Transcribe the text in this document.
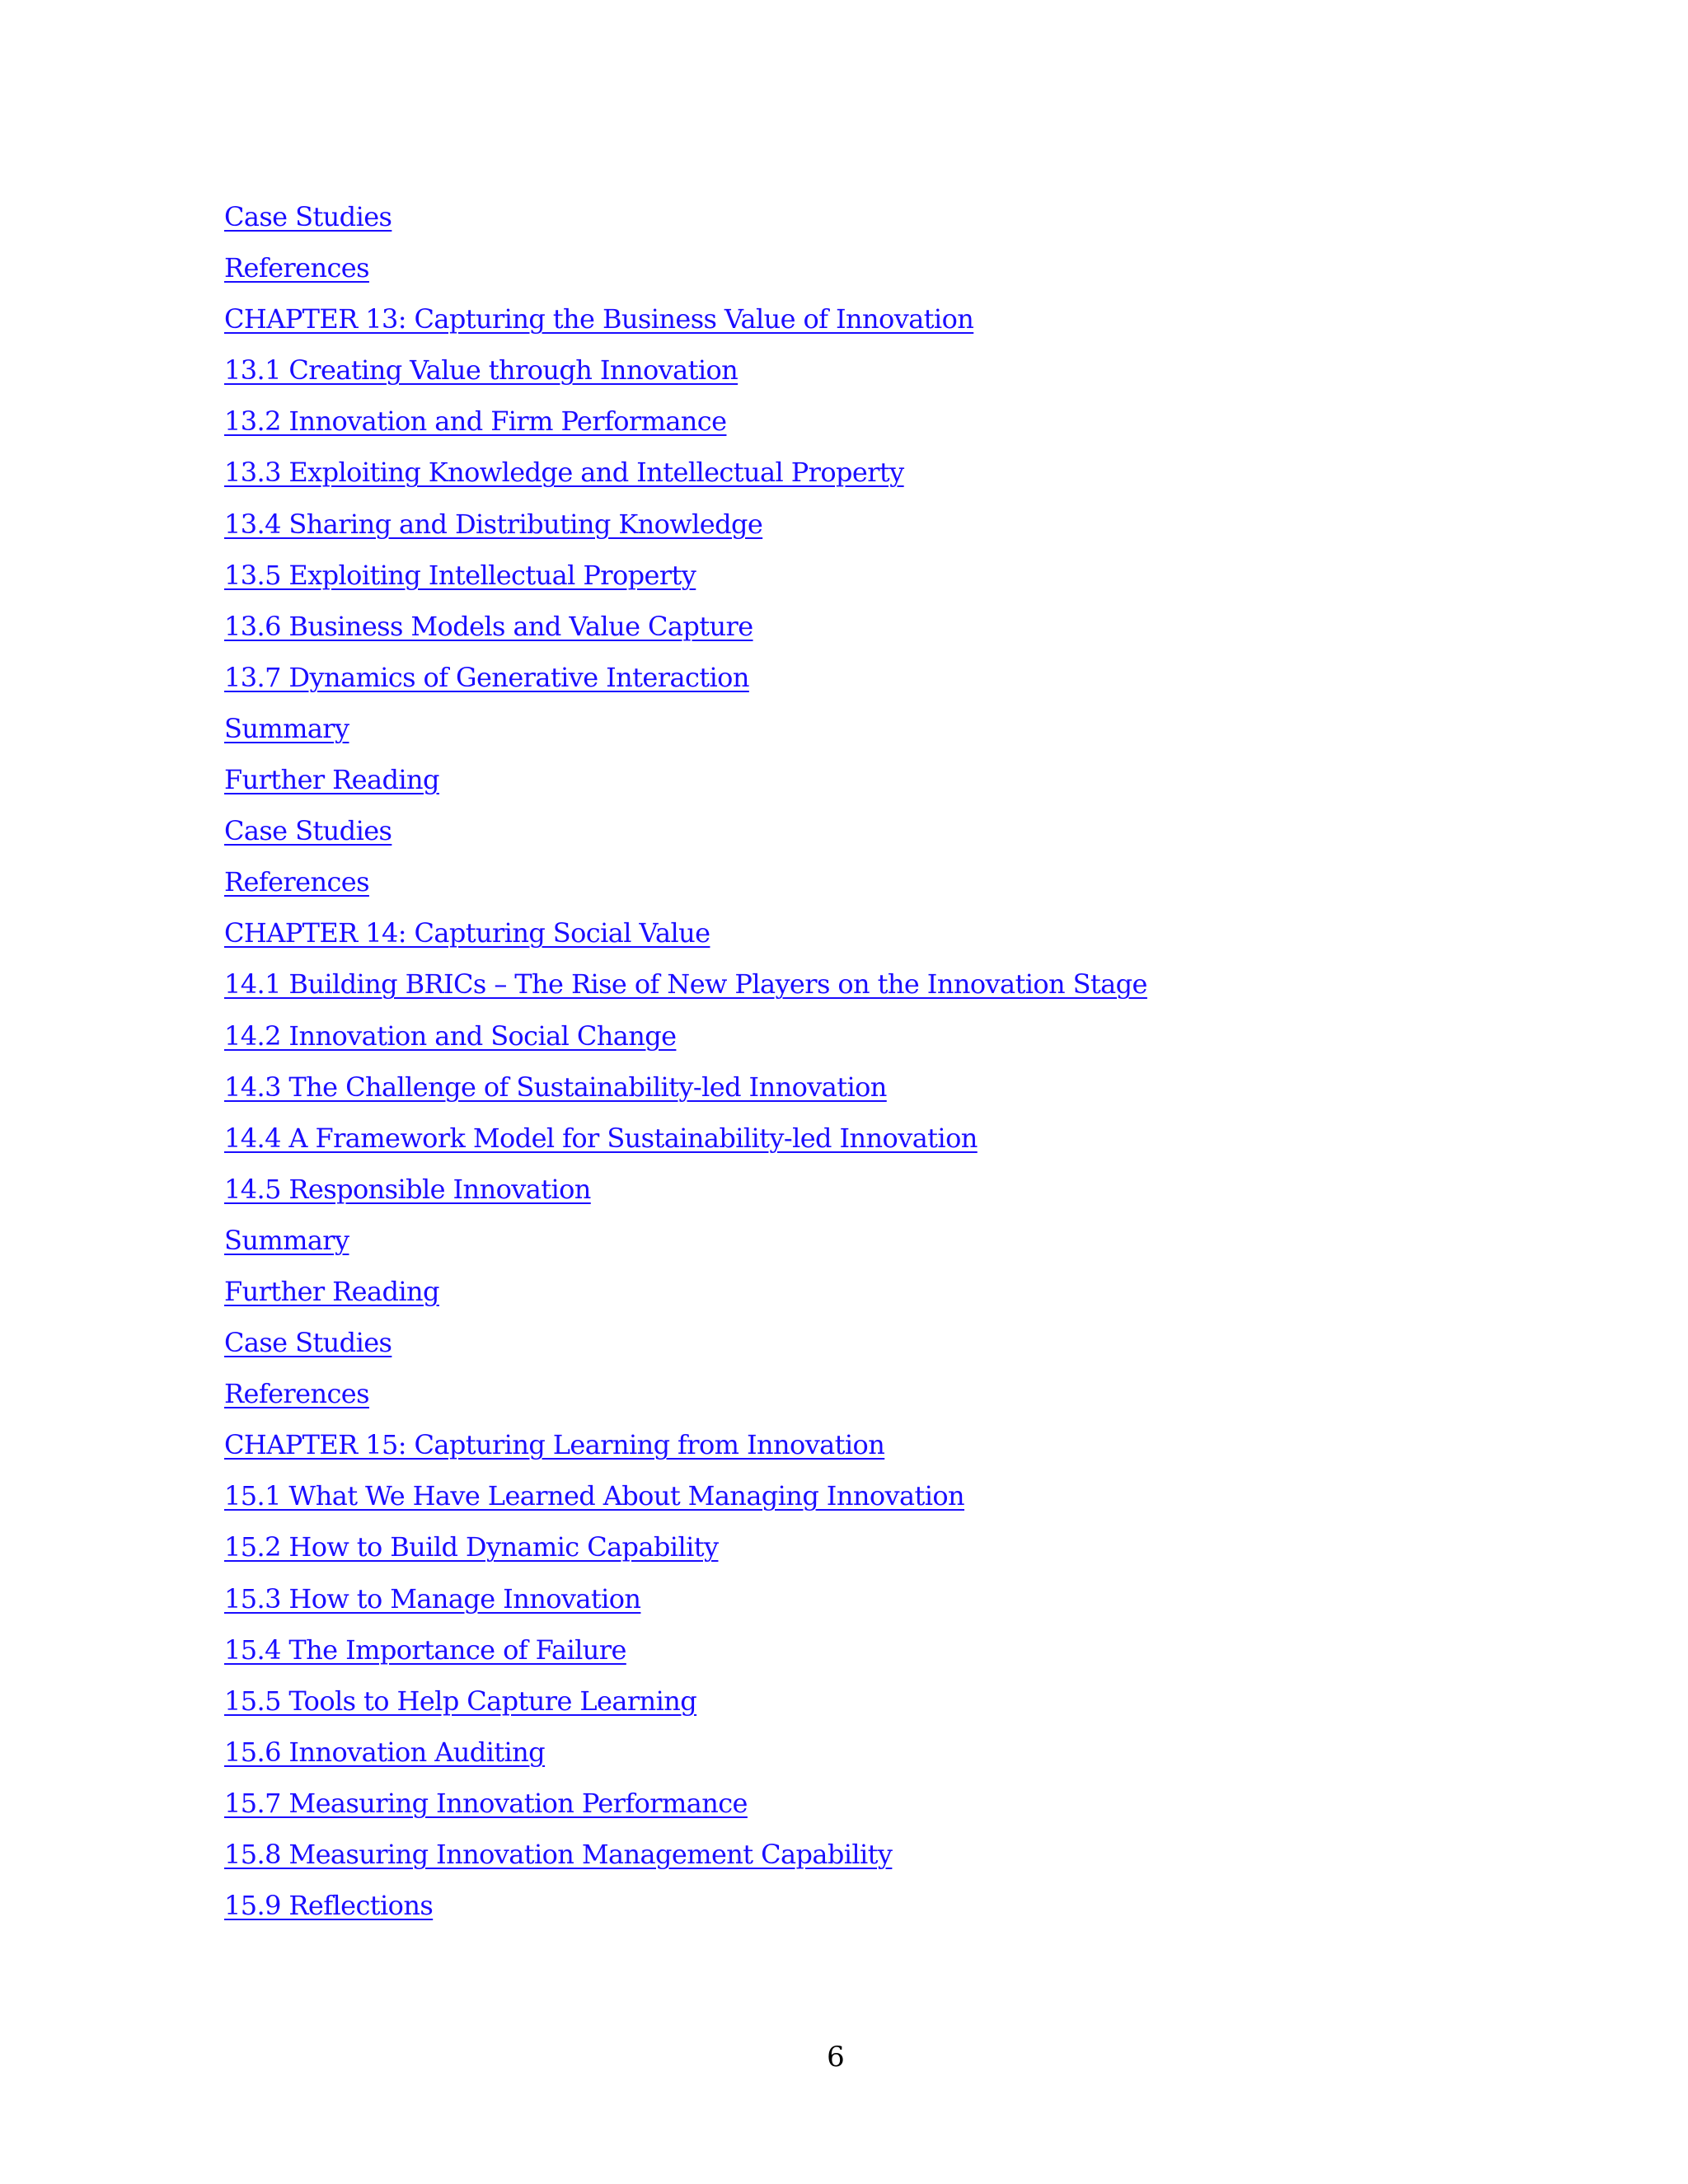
Case Studies
References
CHAPTER 13: Capturing the Business Value of Innovation
13.1 Creating Value through Innovation
13.2 Innovation and Firm Performance
13.3 Exploiting Knowledge and Intellectual Property
13.4 Sharing and Distributing Knowledge
13.5 Exploiting Intellectual Property
13.6 Business Models and Value Capture
13.7 Dynamics of Generative Interaction
Summary
Further Reading
Case Studies
References
CHAPTER 14: Capturing Social Value
14.1 Building BRICs – The Rise of New Players on the Innovation Stage
14.2 Innovation and Social Change
14.3 The Challenge of Sustainability-led Innovation
14.4 A Framework Model for Sustainability-led Innovation
14.5 Responsible Innovation
Summary
Further Reading
Case Studies
References
CHAPTER 15: Capturing Learning from Innovation
15.1 What We Have Learned About Managing Innovation
15.2 How to Build Dynamic Capability
15.3 How to Manage Innovation
15.4 The Importance of Failure
15.5 Tools to Help Capture Learning
15.6 Innovation Auditing
15.7 Measuring Innovation Performance
15.8 Measuring Innovation Management Capability
15.9 Reflections
6
